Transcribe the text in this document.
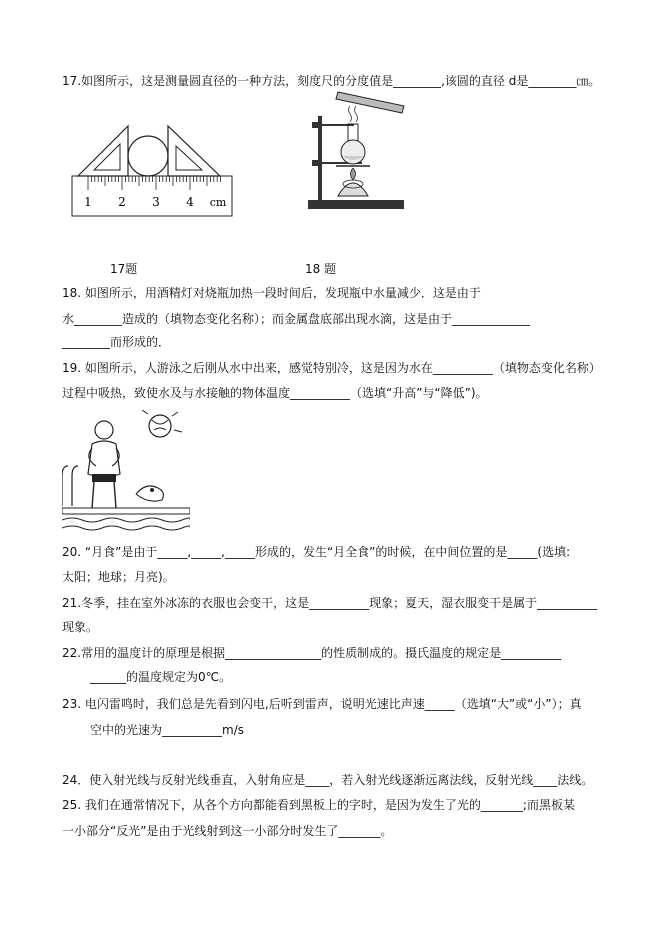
17.如图所示，这是测量圆直径的一种方法，刻度尺的分度值是________,该圆的直径 d是________㎝。
1 2 3 4 cm
17题	18 题
18. 如图所示，用酒精灯对烧瓶加热一段时间后，发现瓶中水量减少．这是由于
水________造成的（填物态变化名称）；而金属盘底部出现水滴，这是由于_____________
________而形成的．
19. 如图所示，人游泳之后刚从水中出来，感觉特别冷，这是因为水在__________（填物态变化名称）
过程中吸热，致使水及与水接触的物体温度__________（选填“升高”与“降低”)。
20. “月食”是由于_____,_____,_____形成的，发生“月全食”的时候，在中间位置的是_____(选填:
太阳；地球；月亮)。
21.冬季，挂在室外冰冻的衣服也会变干，这是__________现象；夏天，湿衣服变干是属于__________
现象。
22.常用的温度计的原理是根据________________的性质制成的。摄氏温度的规定是__________
______的温度规定为0℃。
23. 电闪雷鸣时，我们总是先看到闪电,后听到雷声，说明光速比声速_____（选填“大”或“小”）；真
空中的光速为__________m/s
24．使入射光线与反射光线垂直，入射角应是____，若入射光线逐渐远离法线，反射光线____法线。
25. 我们在通常情况下，从各个方向都能看到黑板上的字时，是因为发生了光的_______;而黑板某
一小部分“反光”是由于光线射到这一小部分时发生了_______。
